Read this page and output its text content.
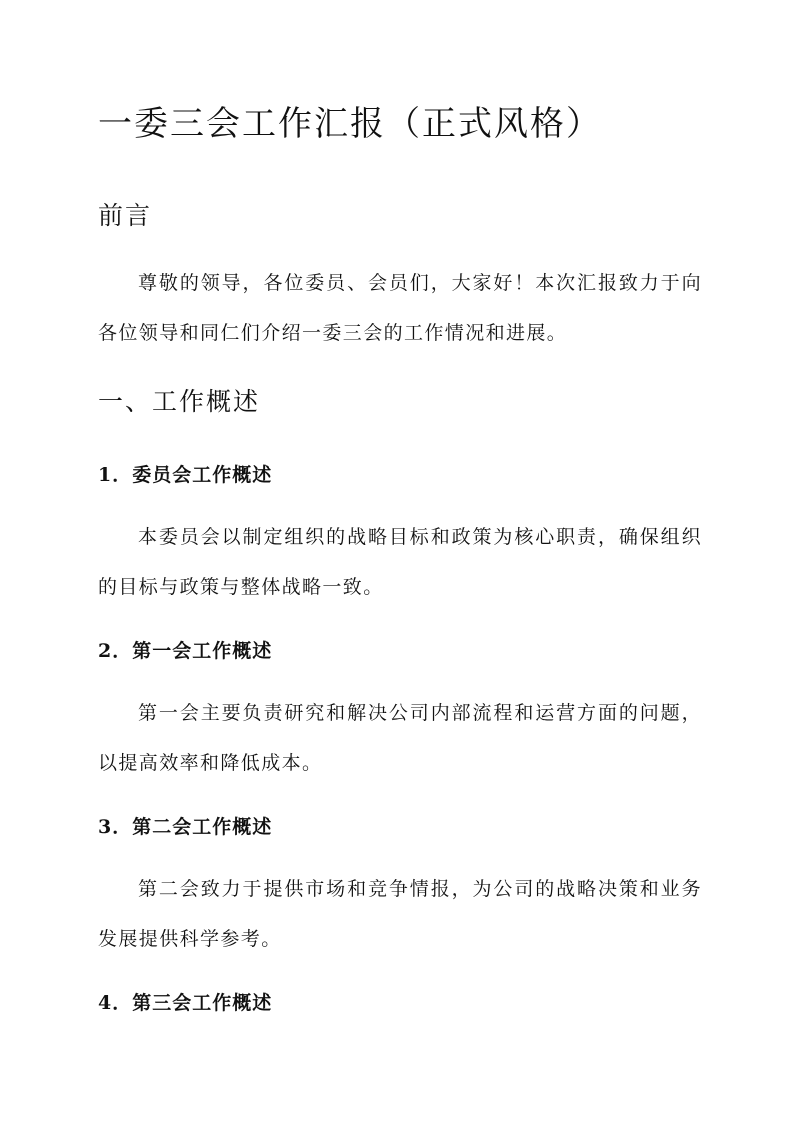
一委三会工作汇报（正式风格）
前言

尊敬的领导，各位委员、会员们，大家好！本次汇报致力于向各位领导和同仁们介绍一委三会的工作情况和进展。

一、工作概述
1．委员会工作概述

本委员会以制定组织的战略目标和政策为核心职责，确保组织的目标与政策与整体战略一致。

2．第一会工作概述

第一会主要负责研究和解决公司内部流程和运营方面的问题，以提高效率和降低成本。

3．第二会工作概述

第二会致力于提供市场和竞争情报，为公司的战略决策和业务发展提供科学参考。

4．第三会工作概述
